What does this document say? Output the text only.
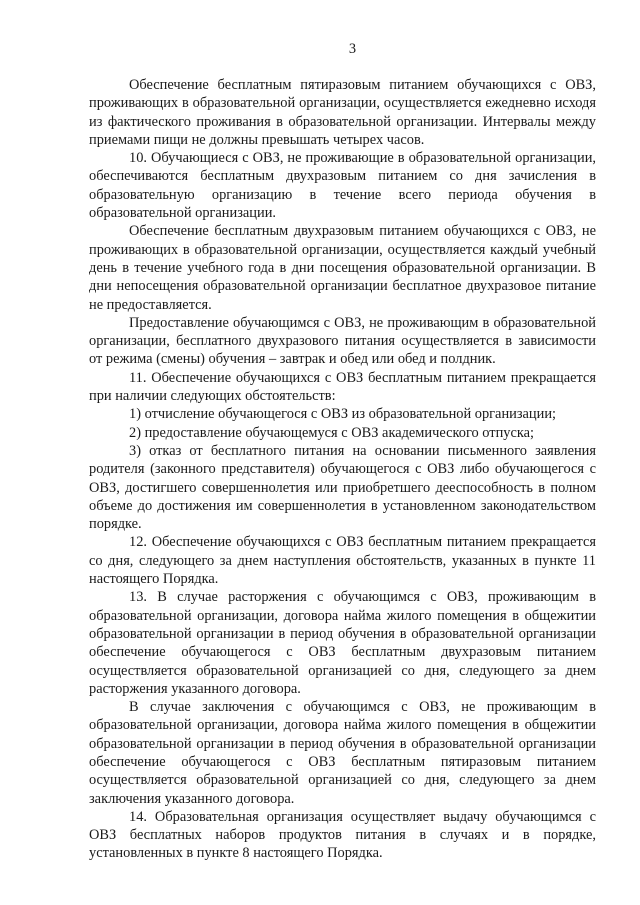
3

Обеспечение бесплатным пятиразовым питанием обучающихся с ОВЗ, проживающих в образовательной организации, осуществляется ежедневно исходя из фактического проживания в образовательной организации. Интервалы между приемами пищи не должны превышать четырех часов.

10. Обучающиеся с ОВЗ, не проживающие в образовательной организации, обеспечиваются бесплатным двухразовым питанием со дня зачисления в образовательную организацию в течение всего периода обучения в образовательной организации.

Обеспечение бесплатным двухразовым питанием обучающихся с ОВЗ, не проживающих в образовательной организации, осуществляется каждый учебный день в течение учебного года в дни посещения образовательной организации. В дни непосещения образовательной организации бесплатное двухразовое питание не предоставляется.

Предоставление обучающимся с ОВЗ, не проживающим в образовательной организации, бесплатного двухразового питания осуществляется в зависимости от режима (смены) обучения – завтрак и обед или обед и полдник.

11. Обеспечение обучающихся с ОВЗ бесплатным питанием прекращается при наличии следующих обстоятельств:

1) отчисление обучающегося с ОВЗ из образовательной организации;

2) предоставление обучающемуся с ОВЗ академического отпуска;

3) отказ от бесплатного питания на основании письменного заявления родителя (законного представителя) обучающегося с ОВЗ либо обучающегося с ОВЗ, достигшего совершеннолетия или приобретшего дееспособность в полном объеме до достижения им совершеннолетия в установленном законодательством порядке.

12. Обеспечение обучающихся с ОВЗ бесплатным питанием прекращается со дня, следующего за днем наступления обстоятельств, указанных в пункте 11 настоящего Порядка.

13. В случае расторжения с обучающимся с ОВЗ, проживающим в образовательной организации, договора найма жилого помещения в общежитии образовательной организации в период обучения в образовательной организации обеспечение обучающегося с ОВЗ бесплатным двухразовым питанием осуществляется образовательной организацией со дня, следующего за днем расторжения указанного договора.

В случае заключения с обучающимся с ОВЗ, не проживающим в образовательной организации, договора найма жилого помещения в общежитии образовательной организации в период обучения в образовательной организации обеспечение обучающегося с ОВЗ бесплатным пятиразовым питанием осуществляется образовательной организацией со дня, следующего за днем заключения указанного договора.

14. Образовательная организация осуществляет выдачу обучающимся с ОВЗ бесплатных наборов продуктов питания в случаях и в порядке, установленных в пункте 8 настоящего Порядка.
